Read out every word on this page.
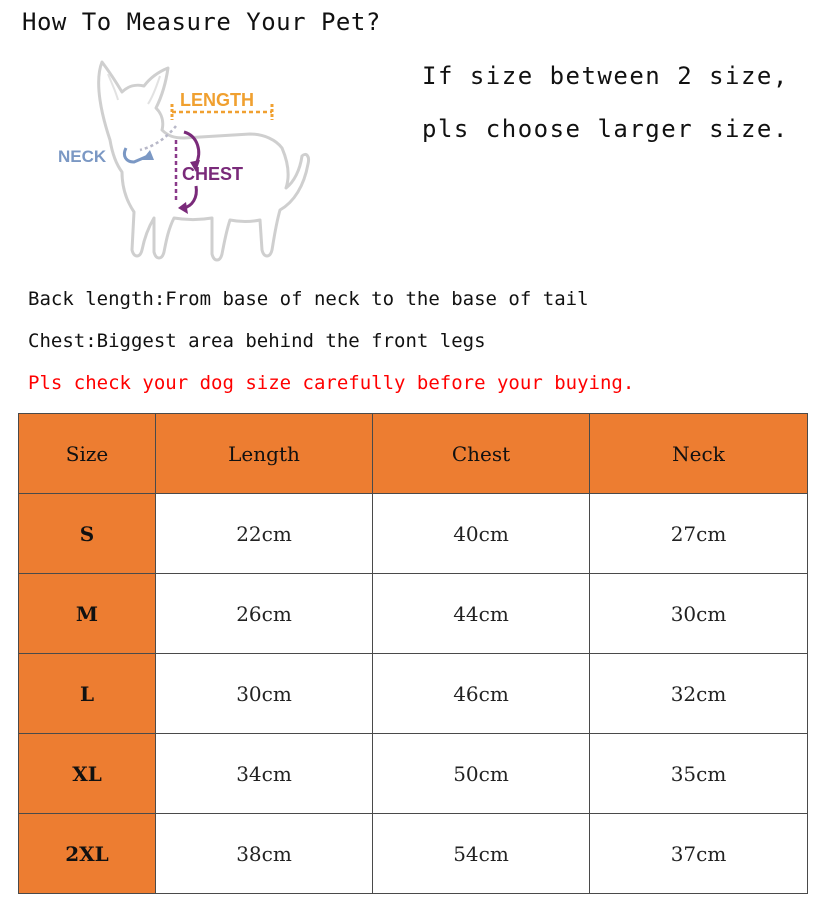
How To Measure Your Pet?
LENGTH
NECK
CHEST
If size between 2 size,
pls choose larger size.
Back length:From base of neck to the base of tail
Chest:Biggest area behind the front legs
Pls check your dog size carefully before your buying.
Size	Length	Chest	Neck
S	22cm	40cm	27cm
M	26cm	44cm	30cm
L	30cm	46cm	32cm
XL	34cm	50cm	35cm
2XL	38cm	54cm	37cm
